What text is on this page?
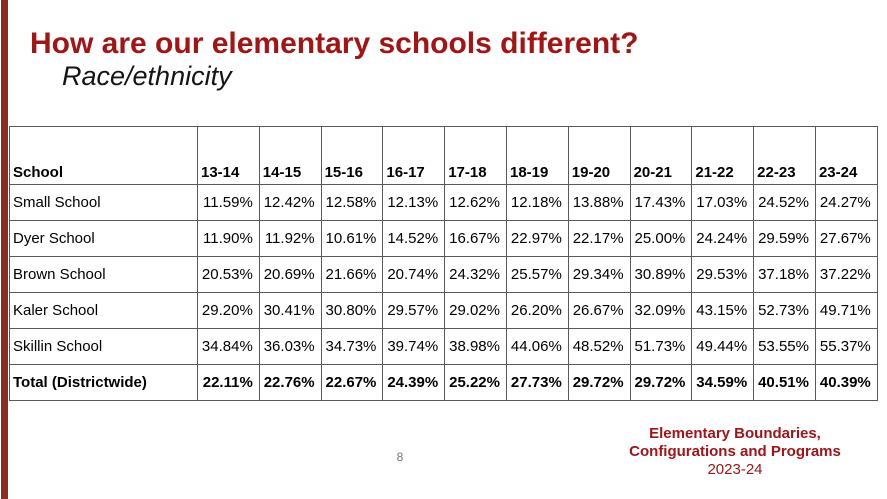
How are our elementary schools different?
Race/ethnicity
School	13-14	14-15	15-16	16-17	17-18	18-19	19-20	20-21	21-22	22-23	23-24
Small School	11.59%	12.42%	12.58%	12.13%	12.62%	12.18%	13.88%	17.43%	17.03%	24.52%	24.27%
Dyer School	11.90%	11.92%	10.61%	14.52%	16.67%	22.97%	22.17%	25.00%	24.24%	29.59%	27.67%
Brown School	20.53%	20.69%	21.66%	20.74%	24.32%	25.57%	29.34%	30.89%	29.53%	37.18%	37.22%
Kaler School	29.20%	30.41%	30.80%	29.57%	29.02%	26.20%	26.67%	32.09%	43.15%	52.73%	49.71%
Skillin School	34.84%	36.03%	34.73%	39.74%	38.98%	44.06%	48.52%	51.73%	49.44%	53.55%	55.37%
Total (Districtwide)	22.11%	22.76%	22.67%	24.39%	25.22%	27.73%	29.72%	29.72%	34.59%	40.51%	40.39%
8
Elementary Boundaries,
Configurations and Programs
2023-24
